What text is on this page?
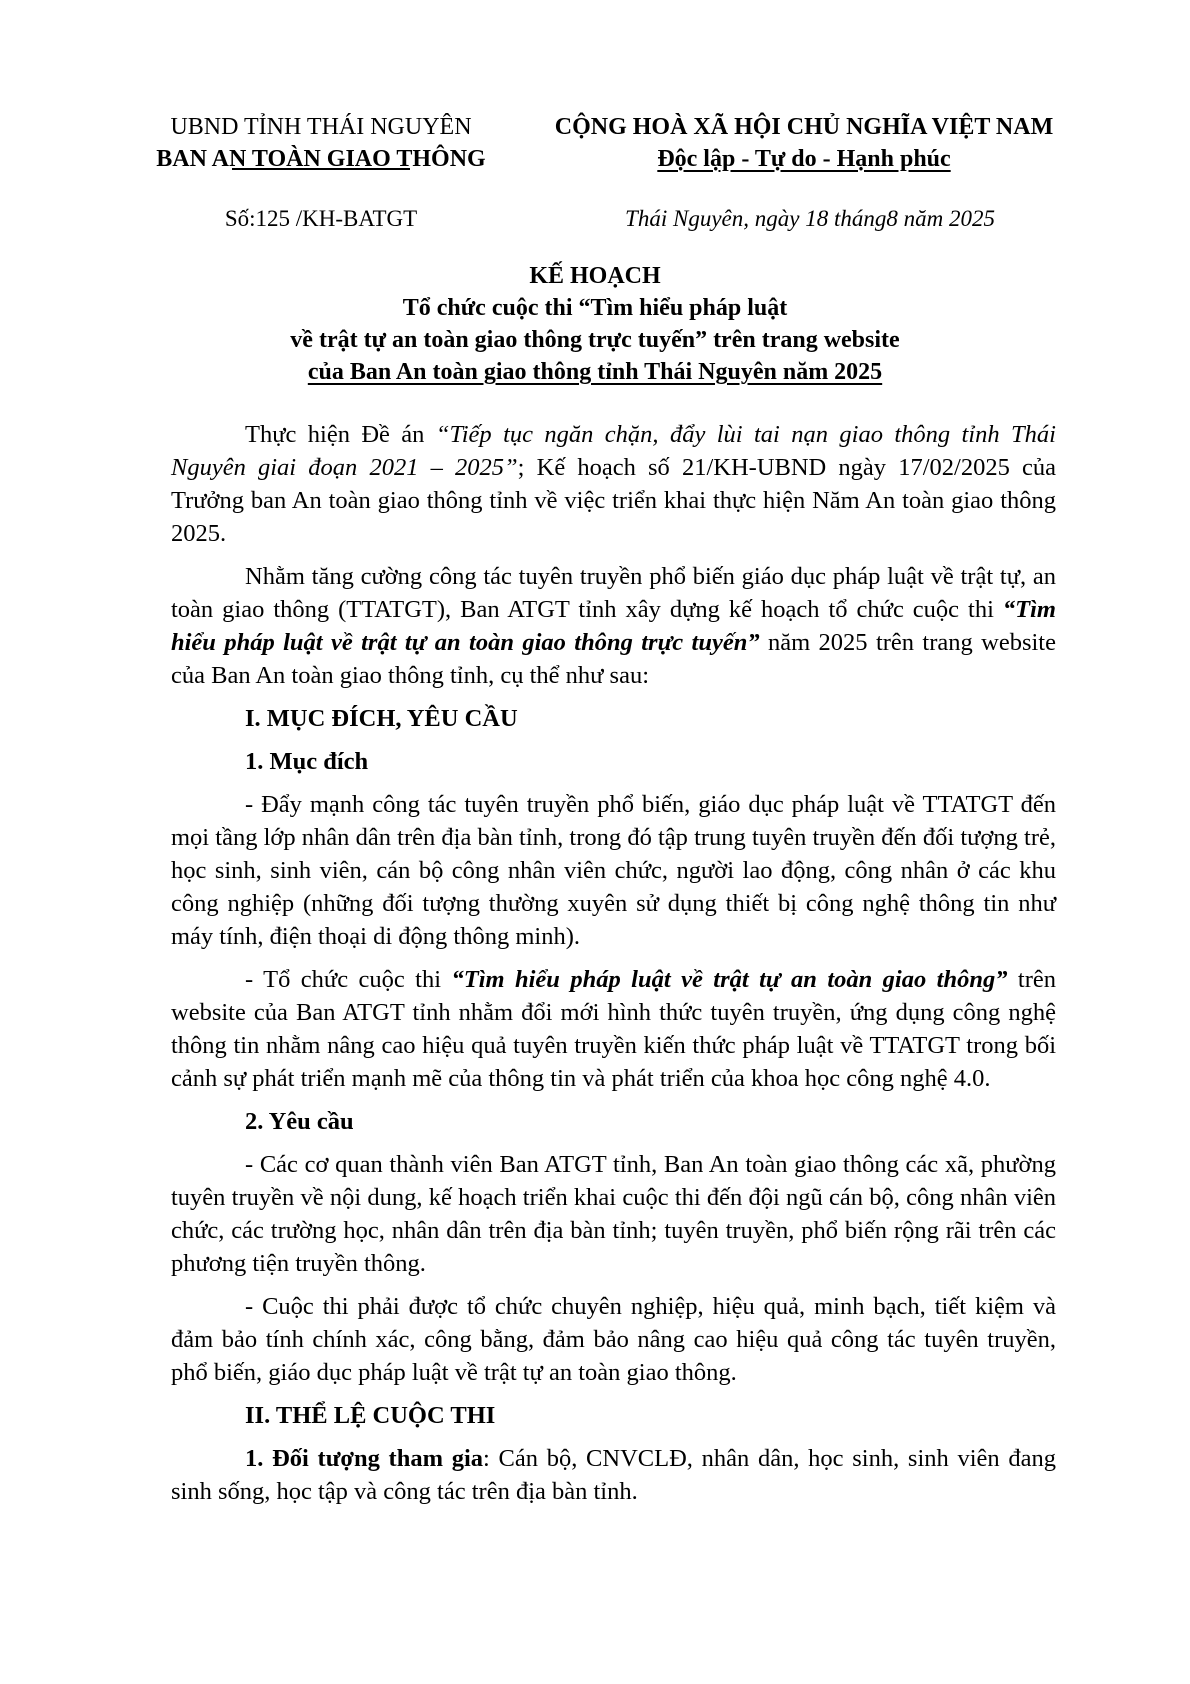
UBND TỈNH THÁI NGUYÊN
BAN AN TOÀN GIAO THÔNG
CỘNG HOÀ XÃ HỘI CHỦ NGHĨA VIỆT NAM
Độc lập - Tự do - Hạnh phúc
Số:125 /KH-BATGT	Thái Nguyên, ngày 18 tháng8 năm 2025
KẾ HOẠCH
Tổ chức cuộc thi “Tìm hiểu pháp luật
về trật tự an toàn giao thông trực tuyến” trên trang website
của Ban An toàn giao thông tỉnh Thái Nguyên năm 2025

Thực hiện Đề án “Tiếp tục ngăn chặn, đẩy lùi tai nạn giao thông tỉnh Thái Nguyên giai đoạn 2021 – 2025”; Kế hoạch số 21/KH-UBND ngày 17/02/2025 của Trưởng ban An toàn giao thông tỉnh về việc triển khai thực hiện Năm An toàn giao thông 2025.

Nhằm tăng cường công tác tuyên truyền phổ biến giáo dục pháp luật về trật tự, an toàn giao thông (TTATGT), Ban ATGT tỉnh xây dựng kế hoạch tổ chức cuộc thi “Tìm hiểu pháp luật về trật tự an toàn giao thông trực tuyến” năm 2025 trên trang website của Ban An toàn giao thông tỉnh, cụ thể như sau:

I. MỤC ĐÍCH, YÊU CẦU
1. Mục đích

- Đẩy mạnh công tác tuyên truyền phổ biến, giáo dục pháp luật về TTATGT đến mọi tầng lớp nhân dân trên địa bàn tỉnh, trong đó tập trung tuyên truyền đến đối tượng trẻ, học sinh, sinh viên, cán bộ công nhân viên chức, người lao động, công nhân ở các khu công nghiệp (những đối tượng thường xuyên sử dụng thiết bị công nghệ thông tin như máy tính, điện thoại di động thông minh).

- Tổ chức cuộc thi “Tìm hiểu pháp luật về trật tự an toàn giao thông” trên website của Ban ATGT tỉnh nhằm đổi mới hình thức tuyên truyền, ứng dụng công nghệ thông tin nhằm nâng cao hiệu quả tuyên truyền kiến thức pháp luật về TTATGT trong bối cảnh sự phát triển mạnh mẽ của thông tin và phát triển của khoa học công nghệ 4.0.

2. Yêu cầu

- Các cơ quan thành viên Ban ATGT tỉnh, Ban An toàn giao thông các xã, phường tuyên truyền về nội dung, kế hoạch triển khai cuộc thi đến đội ngũ cán bộ, công nhân viên chức, các trường học, nhân dân trên địa bàn tỉnh; tuyên truyền, phổ biến rộng rãi trên các phương tiện truyền thông.

- Cuộc thi phải được tổ chức chuyên nghiệp, hiệu quả, minh bạch, tiết kiệm và đảm bảo tính chính xác, công bằng, đảm bảo nâng cao hiệu quả công tác tuyên truyền, phổ biến, giáo dục pháp luật về trật tự an toàn giao thông.

II. THỂ LỆ CUỘC THI

1. Đối tượng tham gia: Cán bộ, CNVCLĐ, nhân dân, học sinh, sinh viên đang sinh sống, học tập và công tác trên địa bàn tỉnh.
